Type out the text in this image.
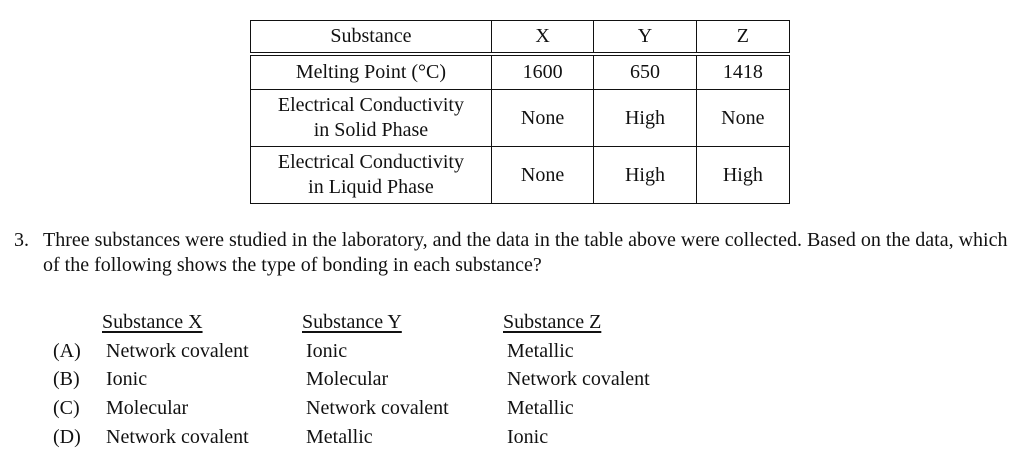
Substance	X	Y	Z
Melting Point (°C)	1600	650	1418

Electrical Conductivity
in Solid Phase	None	High	None

Electrical Conductivity
in Liquid Phase	None	High	High
3. Three substances were studied in the laboratory, and the data in the table above were collected. Based on the data, which of the following shows the type of bonding in each substance?
Substance X	Substance Y	Substance Z
(A)	Network covalent	Ionic	Metallic
(B)	Ionic	Molecular	Network covalent
(C)	Molecular	Network covalent	Metallic
(D)	Network covalent	Metallic	Ionic
